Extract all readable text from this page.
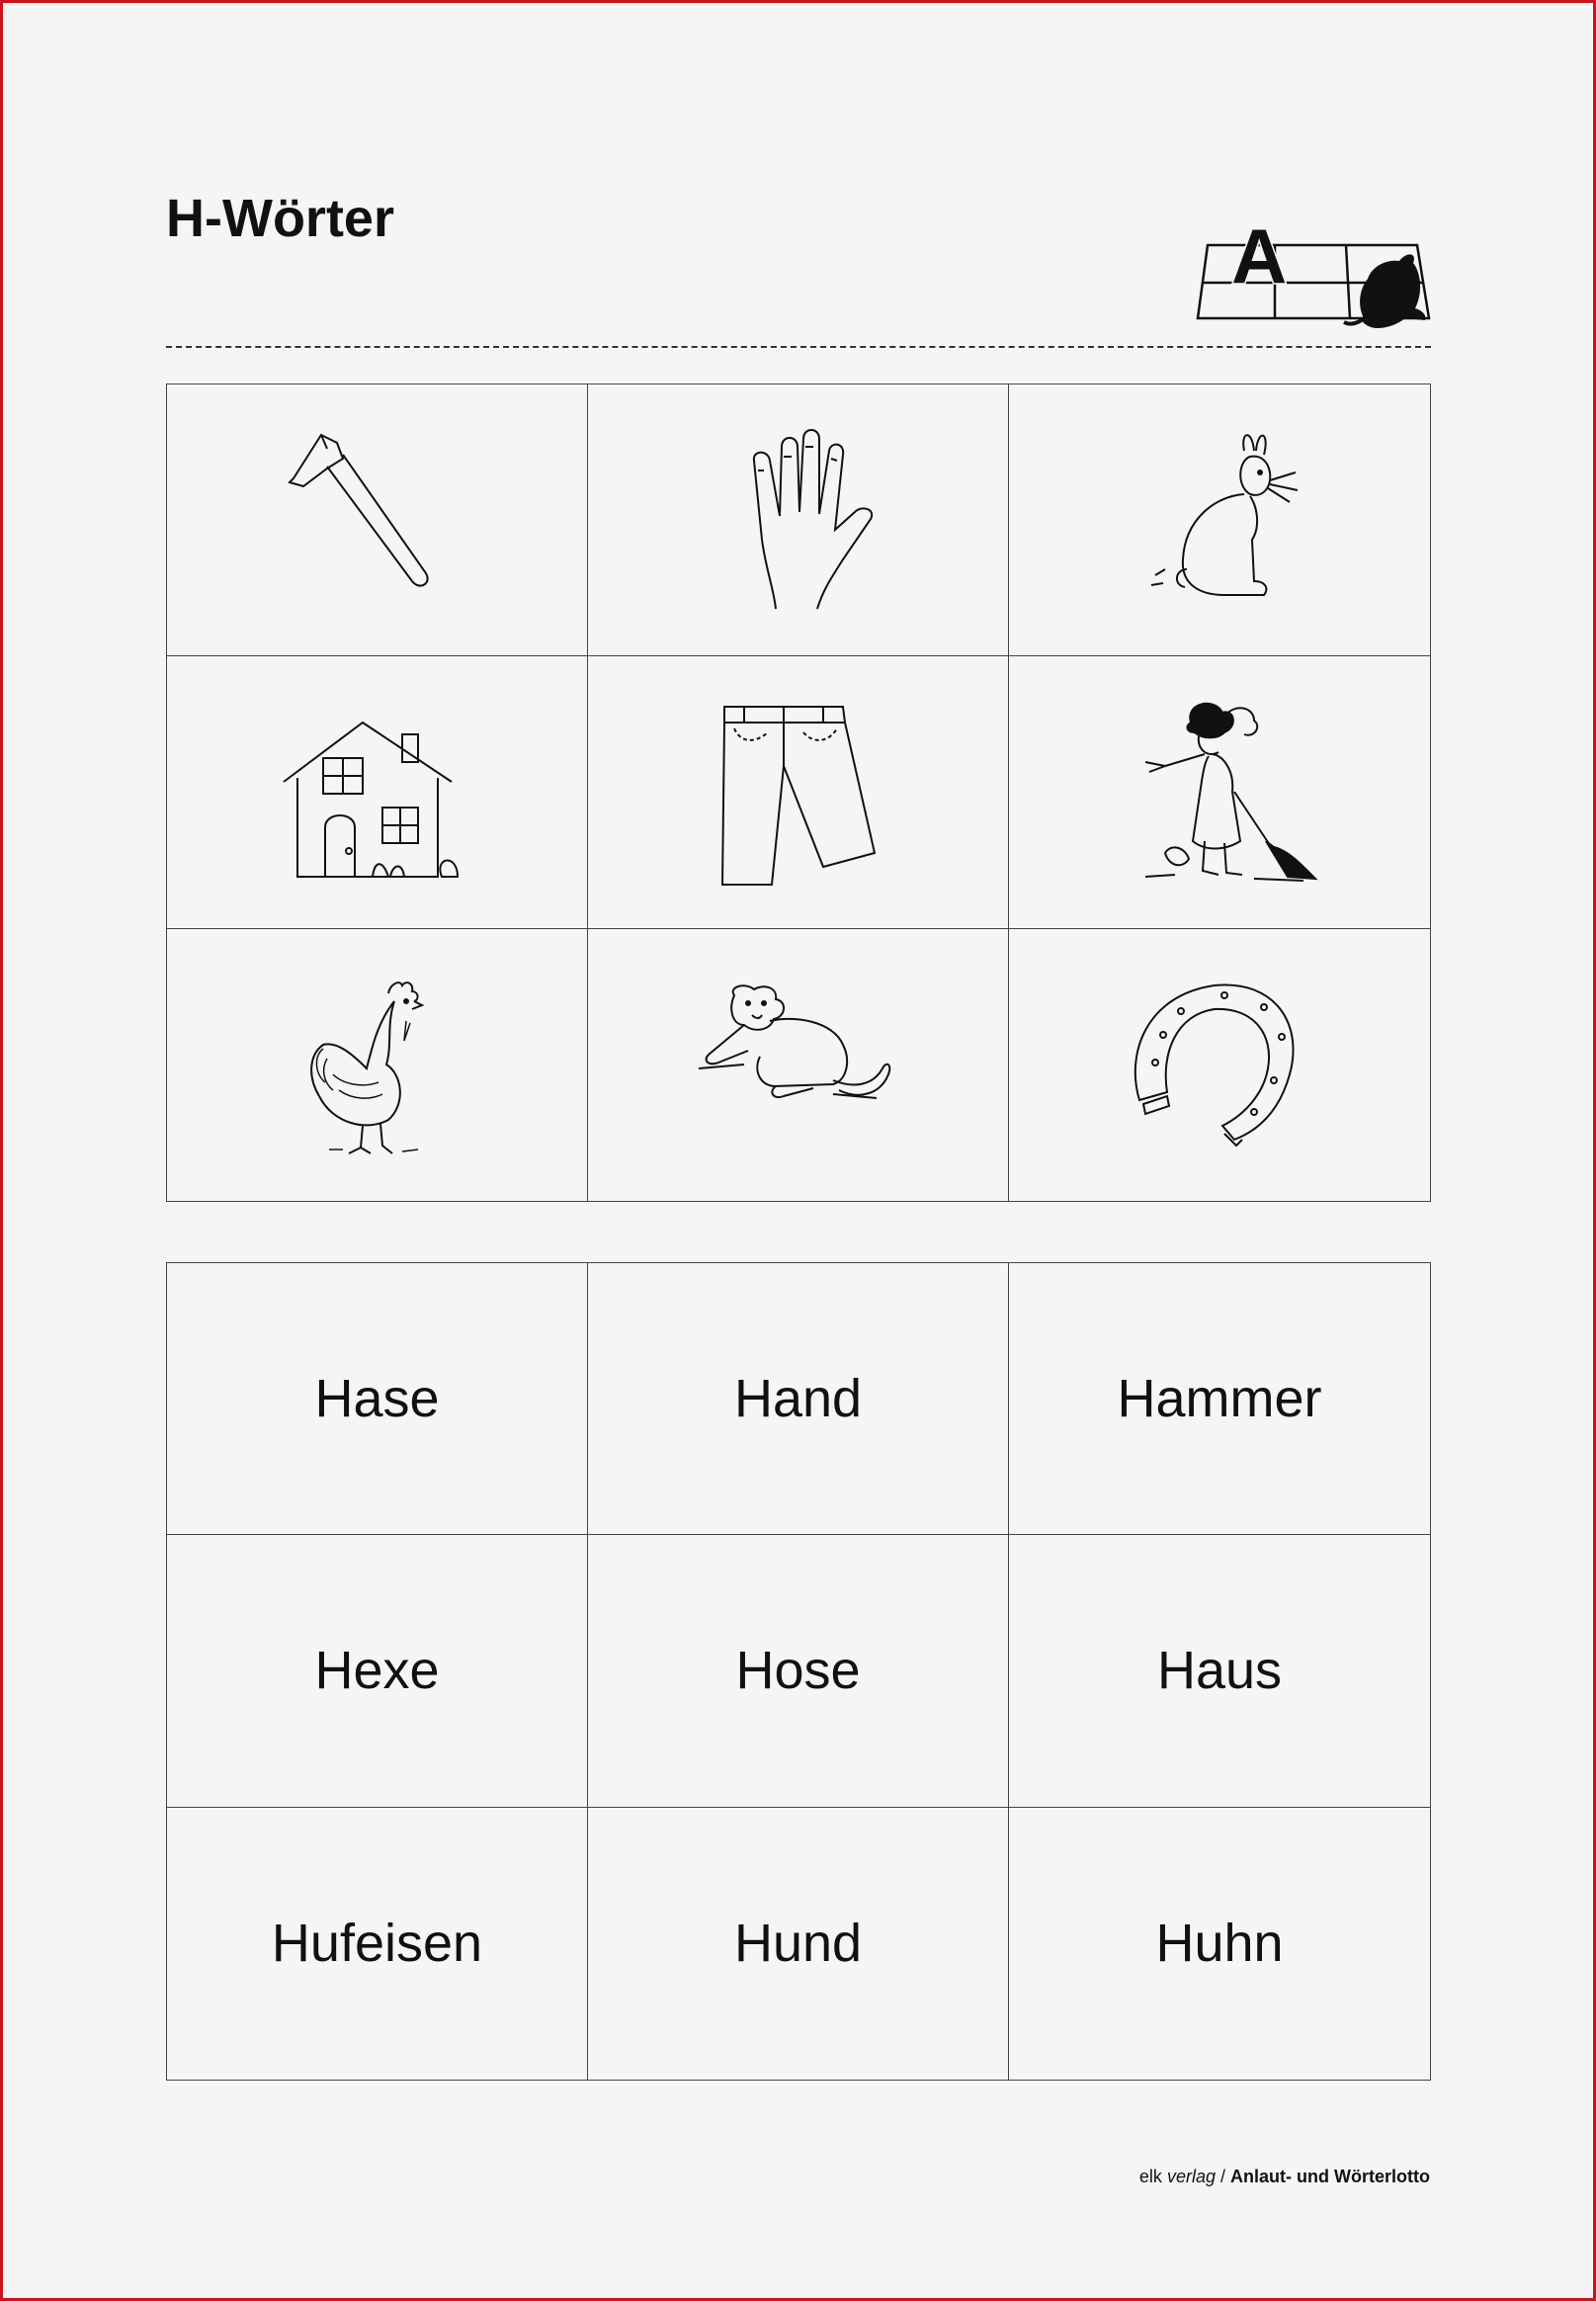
H-Wörter	A
Hase	Hand	Hammer
Hexe	Hose	Haus
Hufeisen	Hund	Huhn
elk verlag / Anlaut- und Wörterlotto
